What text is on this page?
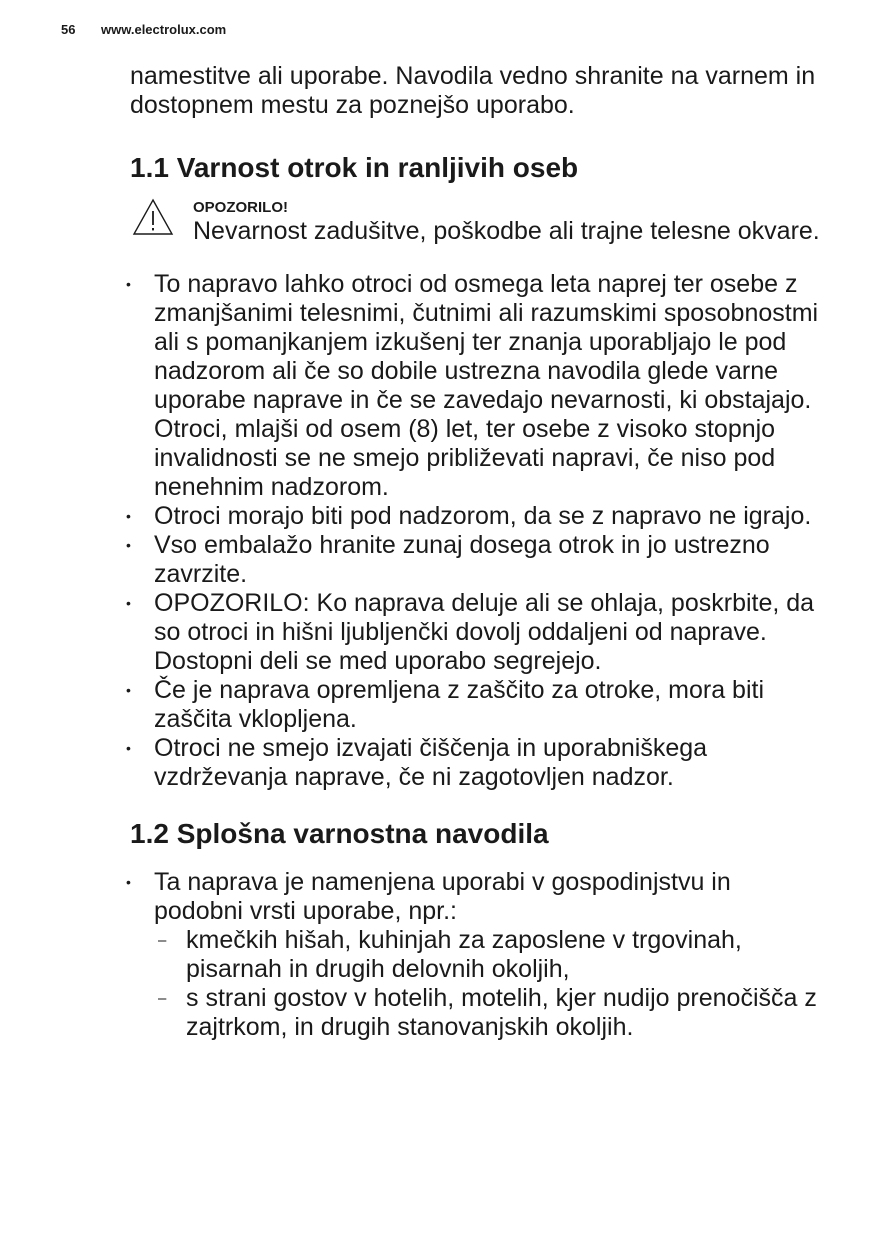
56 www.electrolux.com

namestitve ali uporabe. Navodila vedno shranite na varnem in dostopnem mestu za poznejšo uporabo.

1.1 Varnost otrok in ranljivih oseb

OPOZORILO!

Nevarnost zadušitve, poškodbe ali trajne telesne okvare.

• To napravo lahko otroci od osmega leta naprej ter osebe z zmanjšanimi telesnimi, čutnimi ali razumskimi sposobnostmi ali s pomanjkanjem izkušenj ter znanja uporabljajo le pod nadzorom ali če so dobile ustrezna navodila glede varne uporabe naprave in če se zavedajo nevarnosti, ki obstajajo. Otroci, mlajši od osem (8) let, ter osebe z visoko stopnjo invalidnosti se ne smejo približevati napravi, če niso pod nenehnim nadzorom.
• Otroci morajo biti pod nadzorom, da se z napravo ne igrajo.
• Vso embalažo hranite zunaj dosega otrok in jo ustrezno zavrzite.
• OPOZORILO: Ko naprava deluje ali se ohlaja, poskrbite, da so otroci in hišni ljubljenčki dovolj oddaljeni od naprave. Dostopni deli se med uporabo segrejejo.
• Če je naprava opremljena z zaščito za otroke, mora biti zaščita vklopljena.
• Otroci ne smejo izvajati čiščenja in uporabniškega vzdrževanja naprave, če ni zagotovljen nadzor.
1.2 Splošna varnostna navodila
• Ta naprava je namenjena uporabi v gospodinjstvu in podobni vrsti uporabe, npr.:
– kmečkih hišah, kuhinjah za zaposlene v trgovinah, pisarnah in drugih delovnih okoljih,
– s strani gostov v hotelih, motelih, kjer nudijo prenočišča z zajtrkom, in drugih stanovanjskih okoljih.
